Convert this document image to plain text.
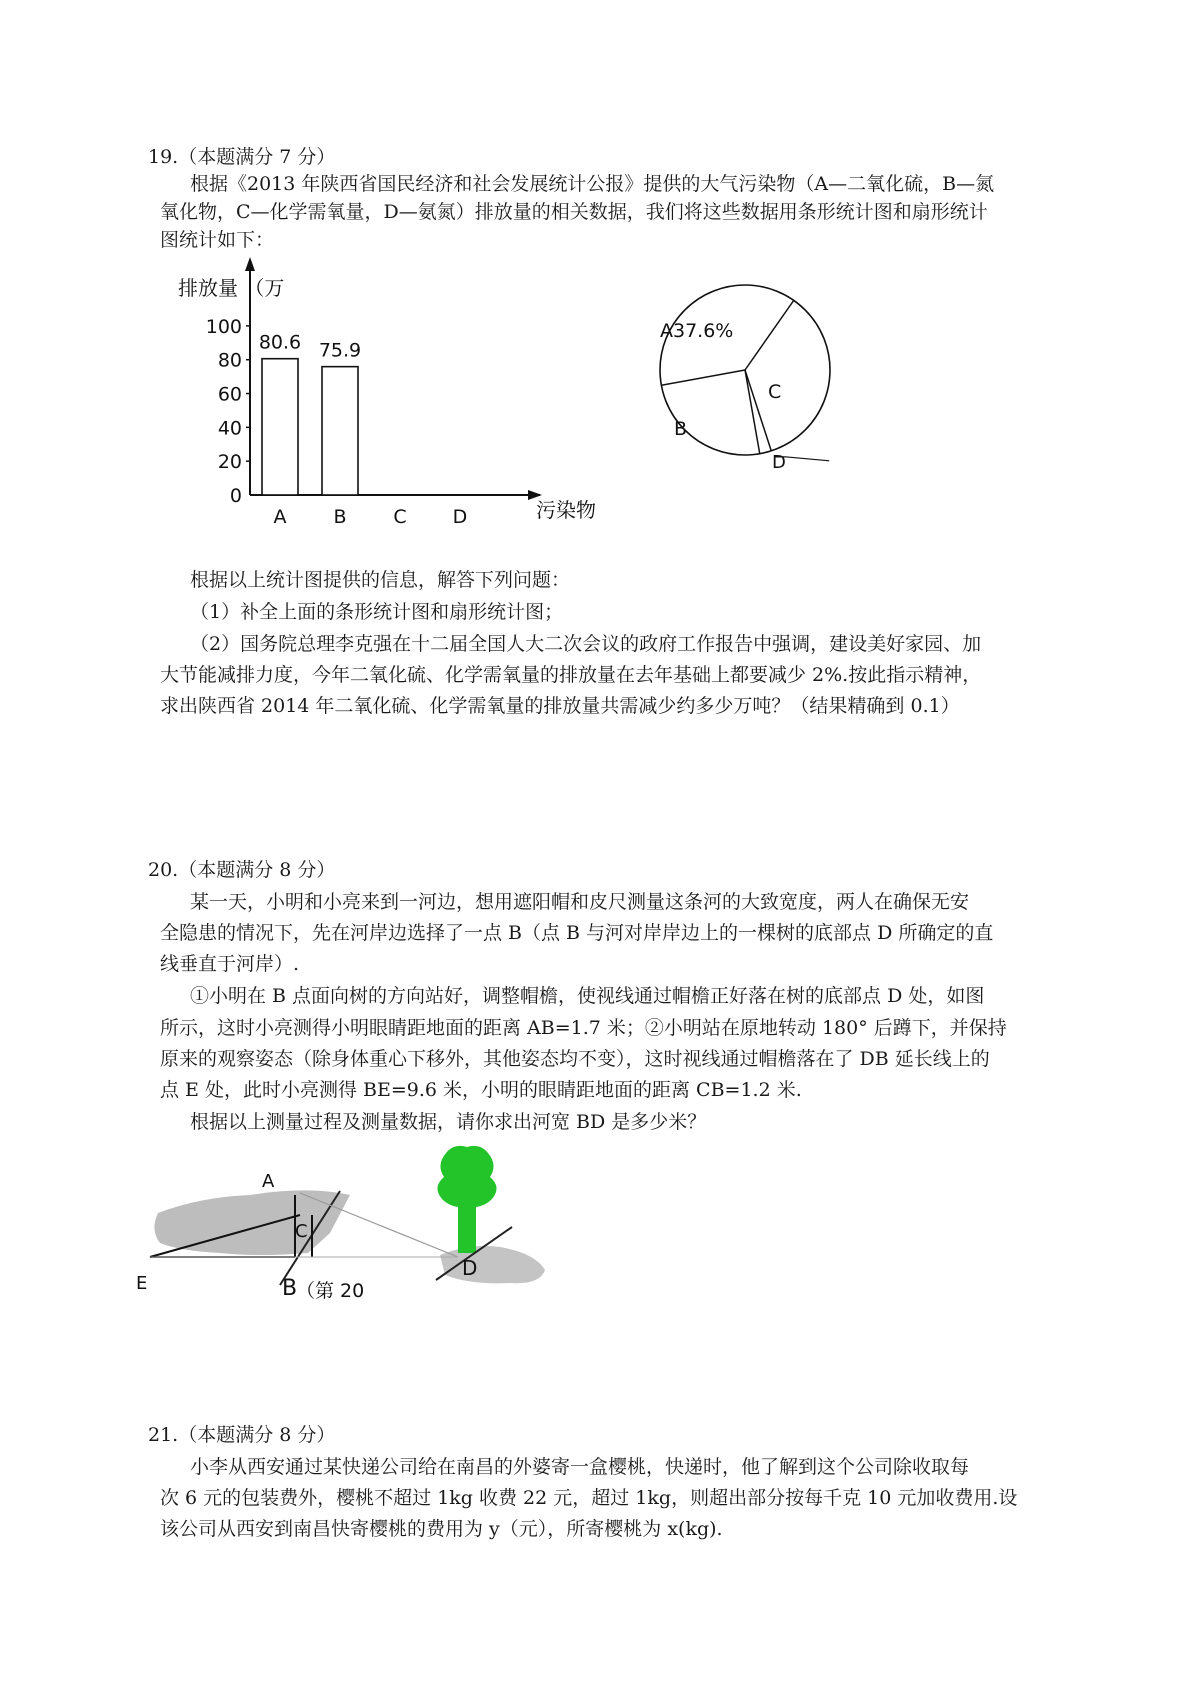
19.（本题满分 7 分）
根据《2013 年陕西省国民经济和社会发展统计公报》提供的大气污染物（A—二氧化硫，B—氮
氧化物，C—化学需氧量，D—氨氮）排放量的相关数据，我们将这些数据用条形统计图和扇形统计
图统计如下：
排放量 （万
污染物
0
20
40
60
80
100
A
80.6
B
75.9
C D
A37.6%
B
C
D
根据以上统计图提供的信息，解答下列问题：
（1）补全上面的条形统计图和扇形统计图；
（2）国务院总理李克强在十二届全国人大二次会议的政府工作报告中强调，建设美好家园、加
大节能减排力度，今年二氧化硫、化学需氧量的排放量在去年基础上都要减少 2%.按此指示精神，
求出陕西省 2014 年二氧化硫、化学需氧量的排放量共需减少约多少万吨？（结果精确到 0.1）
20.（本题满分 8 分）
某一天，小明和小亮来到一河边，想用遮阳帽和皮尺测量这条河的大致宽度，两人在确保无安
全隐患的情况下，先在河岸边选择了一点 B（点 B 与河对岸岸边上的一棵树的底部点 D 所确定的直
线垂直于河岸）.
①小明在 B 点面向树的方向站好，调整帽檐，使视线通过帽檐正好落在树的底部点 D 处，如图
所示，这时小亮测得小明眼睛距地面的距离 AB=1.7 米；②小明站在原地转动 180° 后蹲下，并保持
原来的观察姿态（除身体重心下移外，其他姿态均不变），这时视线通过帽檐落在了 DB 延长线上的
点 E 处，此时小亮测得 BE=9.6 米，小明的眼睛距地面的距离 CB=1.2 米.
根据以上测量过程及测量数据，请你求出河宽 BD 是多少米？
A
C
E	B
D
（第 20
21.（本题满分 8 分）
小李从西安通过某快递公司给在南昌的外婆寄一盒樱桃，快递时，他了解到这个公司除收取每
次 6 元的包装费外，樱桃不超过 1kg 收费 22 元，超过 1kg，则超出部分按每千克 10 元加收费用.设
该公司从西安到南昌快寄樱桃的费用为 y（元），所寄樱桃为 x(kg).
